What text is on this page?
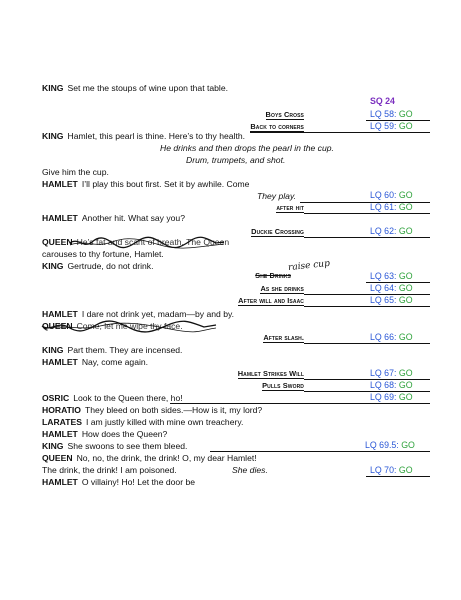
SQ 24
KING Set me the stoups of wine upon that table.
KING Hamlet, this pearl is thine. Here’s to thy health.
He drinks and then drops the pearl in the cup.
Drum, trumpets, and shot.
Give him the cup.
HAMLET I’ll play this bout first. Set it by awhile. Come
They play.
HAMLET Another hit. What say you?
QUEEN He’s fat and scant of breath. The Queen
carouses to thy fortune, Hamlet.
KING Gertrude, do not drink.
HAMLET I dare not drink yet, madam—by and by.
QUEEN Come, let me wipe thy face.
KING Part them. They are incensed.
HAMLET Nay, come again.
OSRIC Look to the Queen there, ho!
HORATIO They bleed on both sides.—How is it, my lord?
LARATES I am justly killed with mine own treachery.
HAMLET How does the Queen?
KING She swoons to see them bleed.
QUEEN No, no, the drink, the drink! O, my dear Hamlet!
The drink, the drink! I am poisoned.	She dies.
HAMLET O villainy! Ho! Let the door be
Boys Cross
Back to corners
after hit
Duckie Crossing
She Drinks
As she drinks
After will and Isaac
After slash.
Hamlet Strikes Will
Pulls Sword
raise cup
LQ 58: GO
LQ 59: GO
LQ 60: GO
LQ 61: GO
LQ 62: GO
LQ 63: GO
LQ 64: GO
LQ 65: GO
LQ 66: GO
LQ 67: GO
LQ 68: GO
LQ 69: GO
LQ 69.5: GO
LQ 70: GO
